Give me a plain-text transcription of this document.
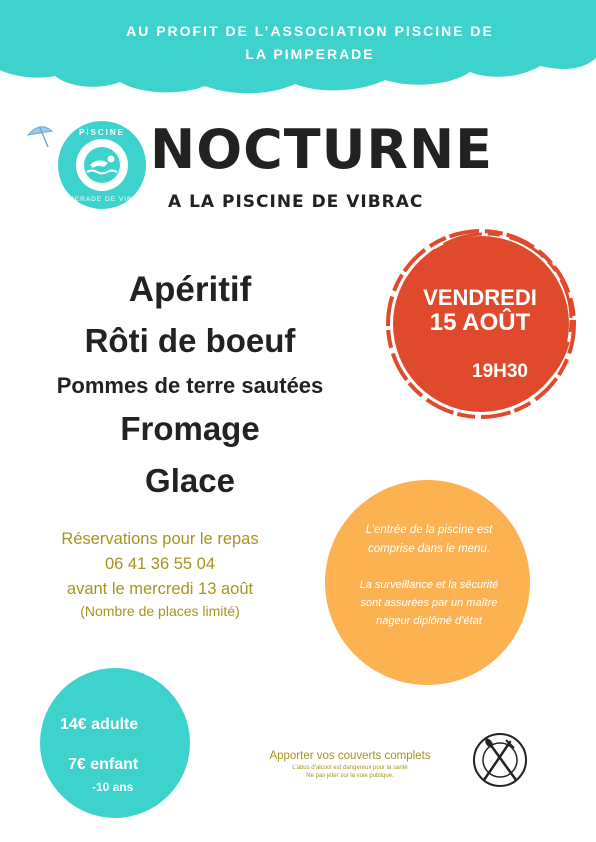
AU PROFIT DE L’ASSOCIATION PISCINE DE
LA PIMPERADE
PISCINE
PIMPERADE DE VIBRAC
NOCTURNE
A LA PISCINE DE VIBRAC
Apéritif
Rôti de boeuf
Pommes de terre sautées
Fromage
Glace
VENDREDI
15 AOÛT
19H30
L’entrée de la piscine est
comprise dans le menu.
La surveillance et la sécurité
sont assurées par un maître
nageur diplômé d’état
Réservations pour le repas
06 41 36 55 04
avant le mercredi 13 août
(Nombre de places limité)
14€ adulte
7€ enfant
-10 ans
Apporter vos couverts complets
L’abus d’alcool est dangereux pour la santé
Ne pas jeter sur la voie publique.
